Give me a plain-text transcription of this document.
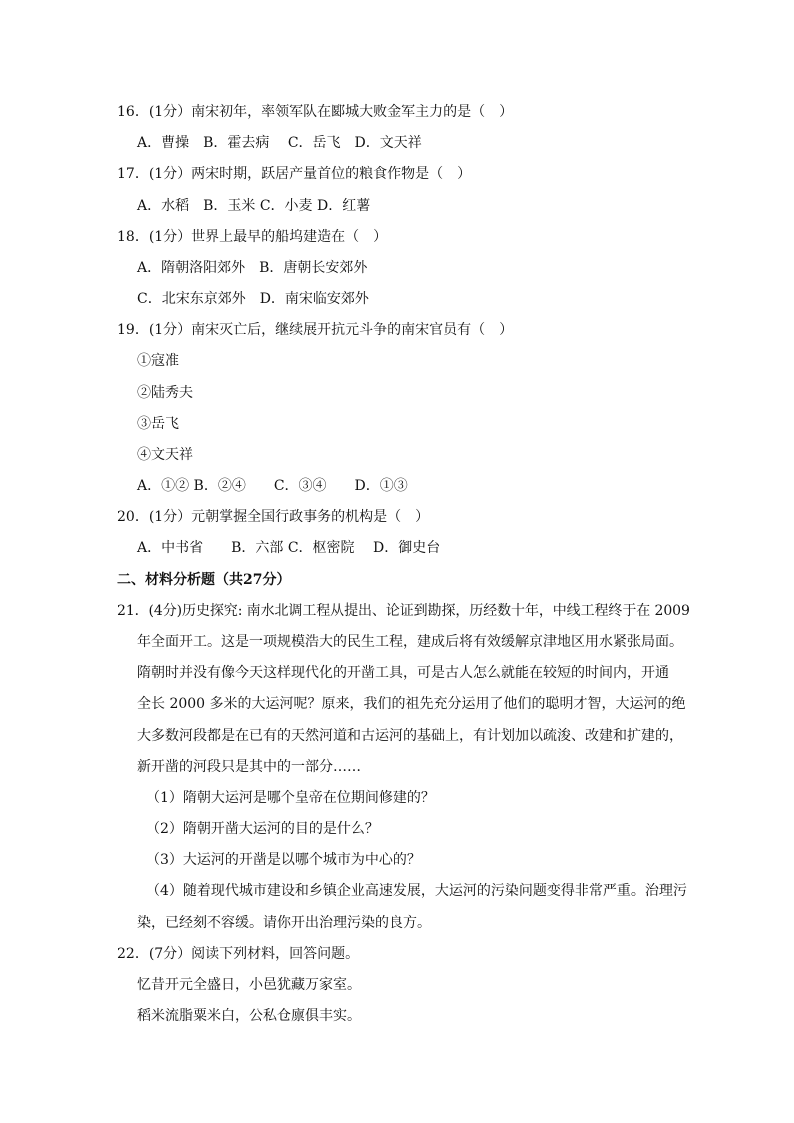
16．(1分）南宋初年，率领军队在郾城大败金军主力的是（　）
A．曹操　B．霍去病　 C．岳飞　D．文天祥
17．(1分）两宋时期，跃居产量首位的粮食作物是（　）
A．水稻　B．玉米 C．小麦 D．红薯
18．(1分）世界上最早的船坞建造在（　）
A．隋朝洛阳郊外　B．唐朝长安郊外
C．北宋东京郊外　D．南宋临安郊外
19．(1分）南宋灭亡后，继续展开抗元斗争的南宋官员有（　）
①寇准
②陆秀夫
③岳飞
④文天祥
A．①② B．②④　　C．③④　　D．①③
20．(1分）元朝掌握全国行政事务的机构是（　）
A．中书省　　B．六部 C．枢密院　 D．御史台
二、材料分析题（共27分）
21．(4分)历史探究: 南水北调工程从提出、论证到勘探，历经数十年，中线工程终于在 2009
年全面开工。这是一项规模浩大的民生工程，建成后将有效缓解京津地区用水紧张局面。
隋朝时并没有像今天这样现代化的开凿工具，可是古人怎么就能在较短的时间内，开通
全长 2000 多米的大运河呢？原来，我们的祖先充分运用了他们的聪明才智，大运河的绝
大多数河段都是在已有的天然河道和古运河的基础上，有计划加以疏浚、改建和扩建的，
新开凿的河段只是其中的一部分……
（1）隋朝大运河是哪个皇帝在位期间修建的？
（2）隋朝开凿大运河的目的是什么？
（3）大运河的开凿是以哪个城市为中心的？
（4）随着现代城市建设和乡镇企业高速发展，大运河的污染问题变得非常严重。治理污
染，已经刻不容缓。请你开出治理污染的良方。
22．(7分）阅读下列材料，回答问题。
忆昔开元全盛日，小邑犹藏万家室。
稻米流脂粟米白，公私仓廪俱丰实。
